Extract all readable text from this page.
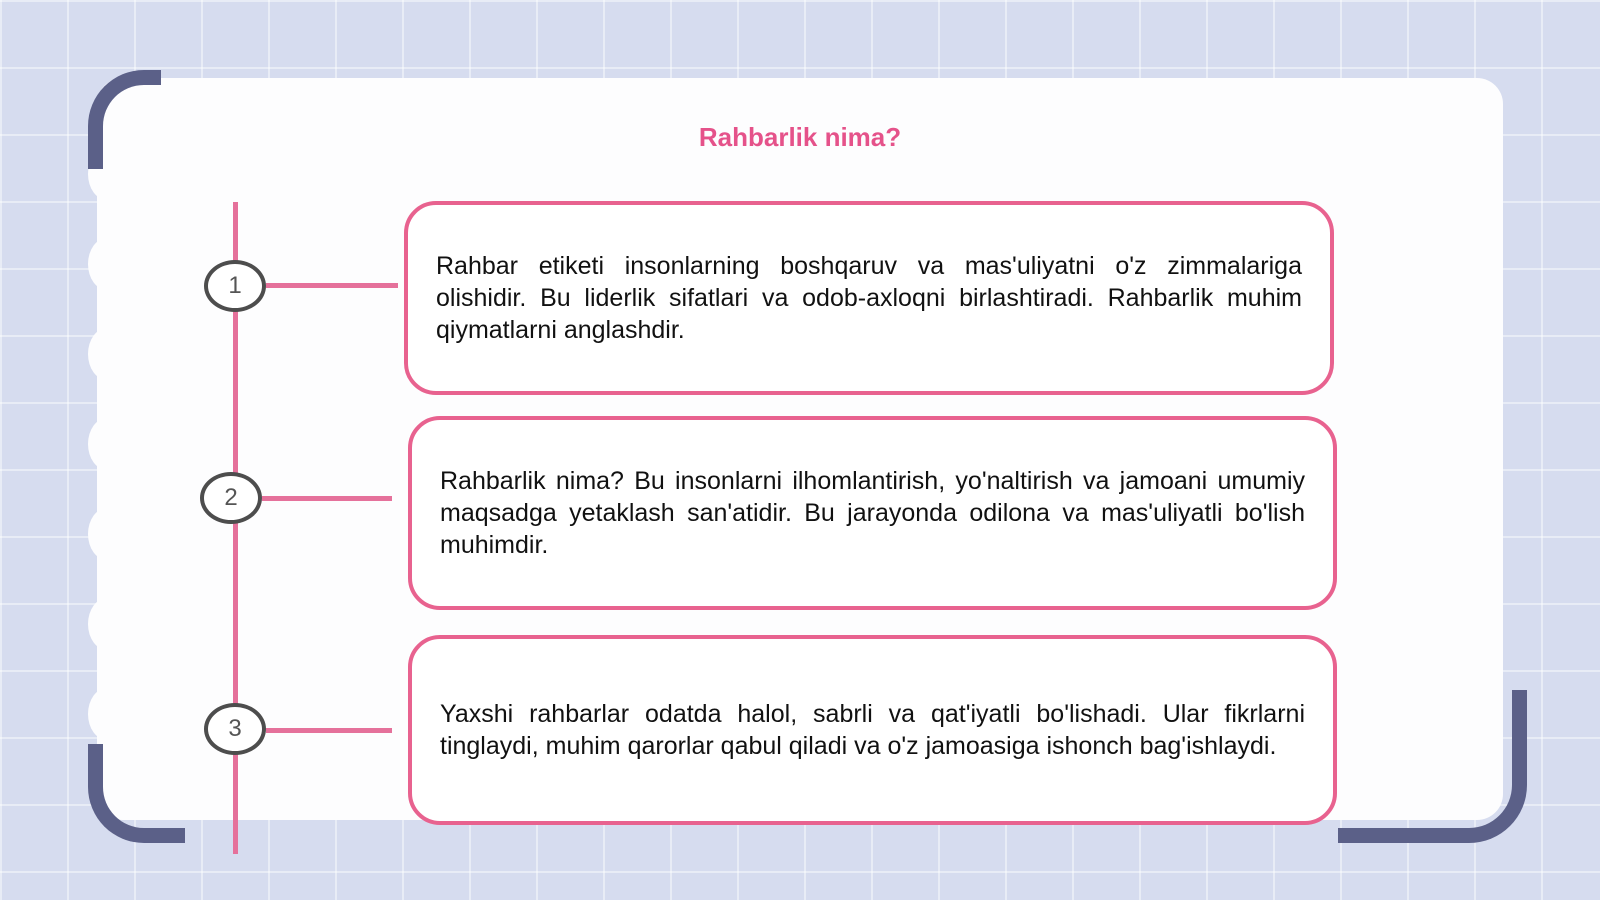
Rahbarlik nima?
1
2
3

Rahbar etiketi insonlarning boshqaruv va mas'uliyatni o'z zimmalariga olishidir. Bu liderlik sifatlari va odob-axloqni birlashtiradi. Rahbarlik muhim qiymatlarni anglashdir.

Rahbarlik nima? Bu insonlarni ilhomlantirish, yo'naltirish va jamoani umumiy maqsadga yetaklash san'atidir. Bu jarayonda odilona va mas'uliyatli bo'lish muhimdir.

Yaxshi rahbarlar odatda halol, sabrli va qat'iyatli bo'lishadi. Ular fikrlarni tinglaydi, muhim qarorlar qabul qiladi va o'z jamoasiga ishonch bag'ishlaydi.
